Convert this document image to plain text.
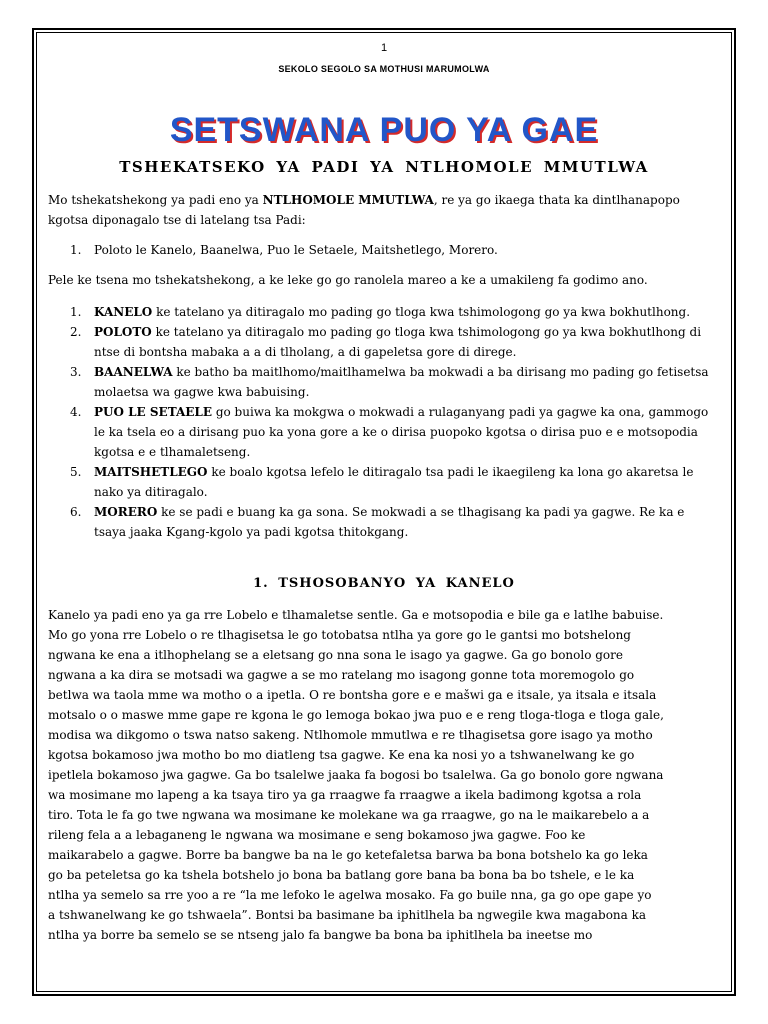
1
SEKOLO SEGOLO SA MOTHUSI MARUMOLWA
SETSWANA PUO YA GAE
TSHEKATSEKO YA PADI YA NTLHOMOLE MMUTLWA

Mo tshekatshekong ya padi eno ya NTLHOMOLE MMUTLWA, re ya go ikaega thata ka dintlhanapopo kgotsa diponagalo tse di latelang tsa Padi:

1. Poloto le Kanelo, Baanelwa, Puo le Setaele, Maitshetlego, Morero.

Pele ke tsena mo tshekatshekong, a ke leke go go ranolela mareo a ke a umakileng fa godimo ano.

1. KANELO ke tatelano ya ditiragalo mo pading go tloga kwa tshimologong go ya kwa bokhutlhong.
2. POLOTO ke tatelano ya ditiragalo mo pading go tloga kwa tshimologong go ya kwa bokhutlhong di ntse di bontsha mabaka a a di tlholang, a di gapeletsa gore di direge.
3. BAANELWA ke batho ba maitlhomo/maitlhamelwa ba mokwadi a ba dirisang mo pading go fetisetsa molaetsa wa gagwe kwa babuising.
4. PUO LE SETAELE go buiwa ka mokgwa o mokwadi a rulaganyang padi ya gagwe ka ona, gammogo le ka tsela eo a dirisang puo ka yona gore a ke o dirisa puopoko kgotsa o dirisa puo e e motsopodia kgotsa e e tlhamaletseng.
5. MAITSHETLEGO ke boalo kgotsa lefelo le ditiragalo tsa padi le ikaegileng ka lona go akaretsa le nako ya ditiragalo.
6. MORERO ke se padi e buang ka ga sona. Se mokwadi a se tlhagisang ka padi ya gagwe. Re ka e tsaya jaaka Kgang-kgolo ya padi kgotsa thitokgang.
1. TSHOSOBANYO YA KANELO

Kanelo ya padi eno ya ga rre Lobelo e tlhamaletse sentle. Ga e motsopodia e bile ga e latlhe babuise.
Mo go yona rre Lobelo o re tlhagisetsa le go totobatsa ntlha ya gore go le gantsi mo botshelong
ngwana ke ena a itlhophelang se a eletsang go nna sona le isago ya gagwe. Ga go bonolo gore
ngwana a ka dira se motsadi wa gagwe a se mo ratelang mo isagong gonne tota moremogolo go
betlwa wa taola mme wa motho o a ipetla. O re bontsha gore e e mašwi ga e itsale, ya itsala e itsala
motsalo o o maswe mme gape re kgona le go lemoga bokao jwa puo e e reng tloga-tloga e tloga gale,
modisa wa dikgomo o tswa natso sakeng. Ntlhomole mmutlwa e re tlhagisetsa gore isago ya motho
kgotsa bokamoso jwa motho bo mo diatleng tsa gagwe. Ke ena ka nosi yo a tshwanelwang ke go
ipetlela bokamoso jwa gagwe. Ga bo tsalelwe jaaka fa bogosi bo tsalelwa. Ga go bonolo gore ngwana
wa mosimane mo lapeng a ka tsaya tiro ya ga rraagwe fa rraagwe a ikela badimong kgotsa a rola
tiro. Tota le fa go twe ngwana wa mosimane ke molekane wa ga rraagwe, go na le maikarebelo a a
rileng fela a a lebaganeng le ngwana wa mosimane e seng bokamoso jwa gagwe. Foo ke
maikarabelo a gagwe. Borre ba bangwe ba na le go ketefaletsa barwa ba bona botshelo ka go leka
go ba peteletsa go ka tshela botshelo jo bona ba batlang gore bana ba bona ba bo tshele, e le ka
ntlha ya semelo sa rre yoo a re “la me lefoko le agelwa mosako. Fa go buile nna, ga go ope gape yo
a tshwanelwang ke go tshwaela”. Bontsi ba basimane ba iphitlhela ba ngwegile kwa magabona ka
ntlha ya borre ba semelo se se ntseng jalo fa bangwe ba bona ba iphitlhela ba ineetse mo
